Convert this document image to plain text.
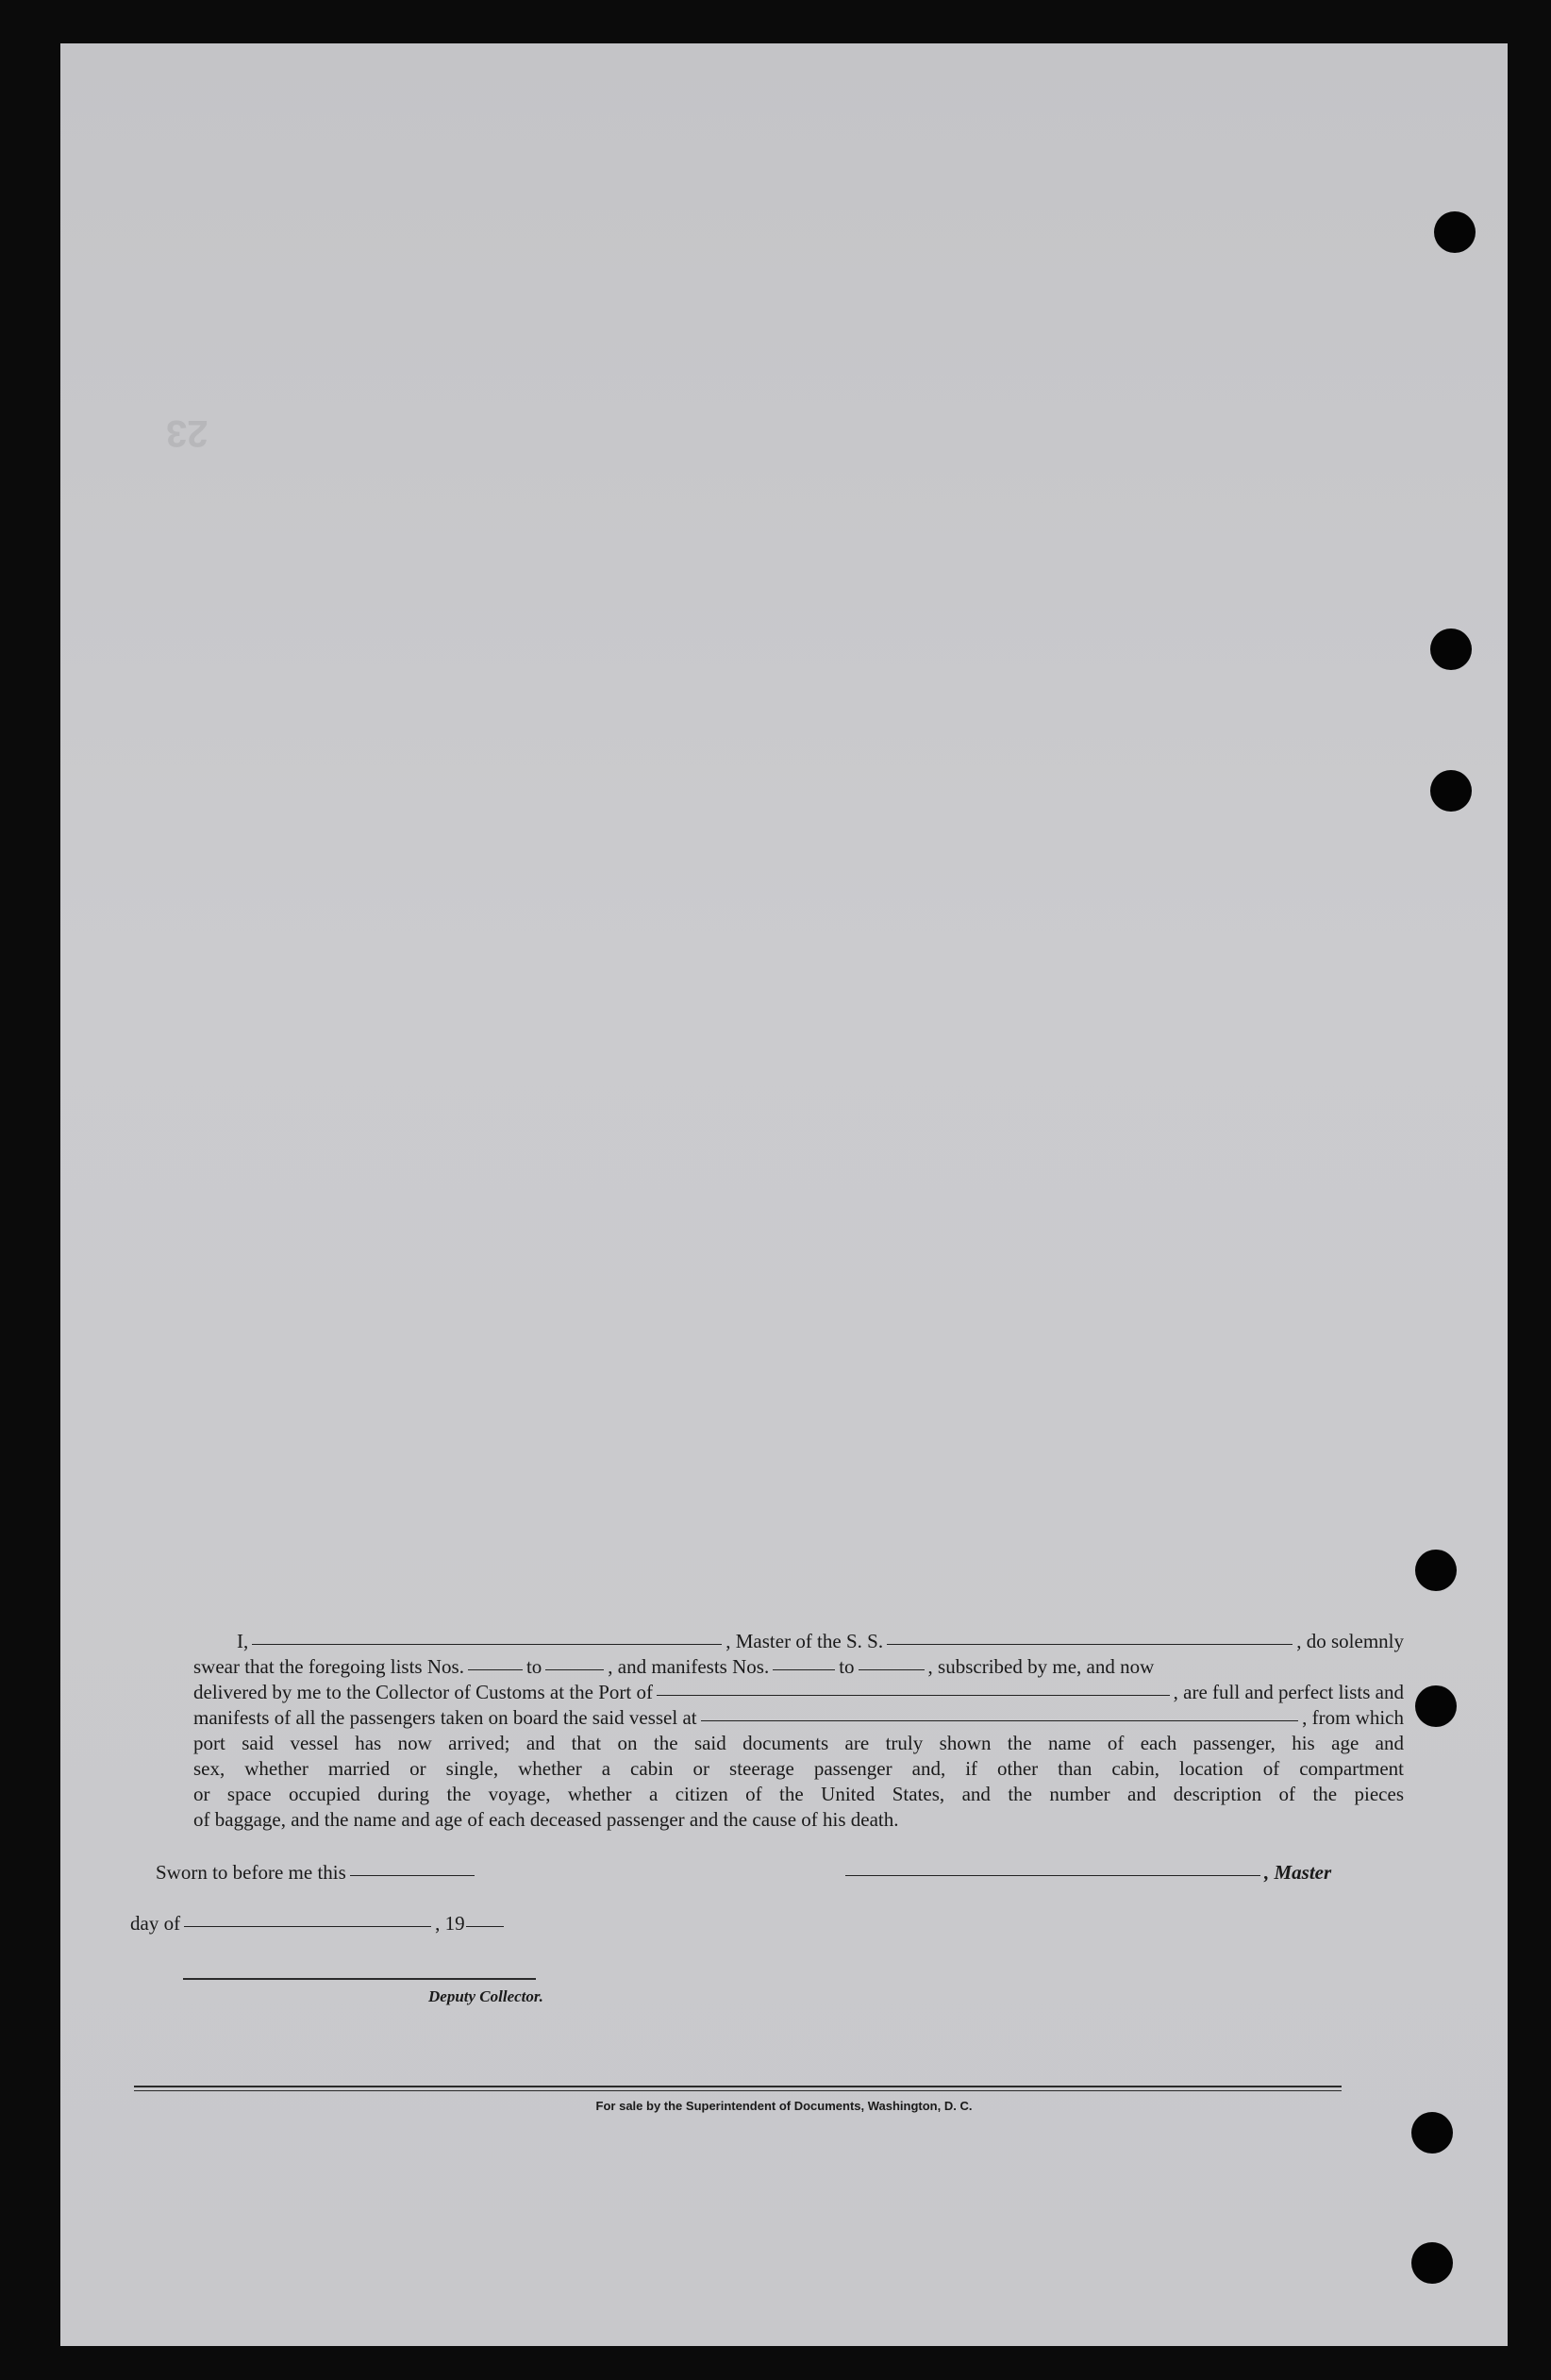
23
I,	, Master of the S. S.	, do solemnly
swear that the foregoing lists Nos.	to	, and manifests Nos.	to	, subscribed by me, and now
delivered by me to the Collector of Customs at the Port of	, are full and perfect lists and
manifests of all the passengers taken on board the said vessel at	, from which
port said vessel has now arrived; and that on the said documents are truly shown the name of each passenger, his age and
sex, whether married or single, whether a cabin or steerage passenger and, if other than cabin, location of compartment
or space occupied during the voyage, whether a citizen of the United States, and the number and description of the pieces
of baggage, and the name and age of each deceased passenger and the cause of his death.
Sworn to before me this	, Master
day of	, 19
Deputy Collector.
For sale by the Superintendent of Documents, Washington, D. C.
